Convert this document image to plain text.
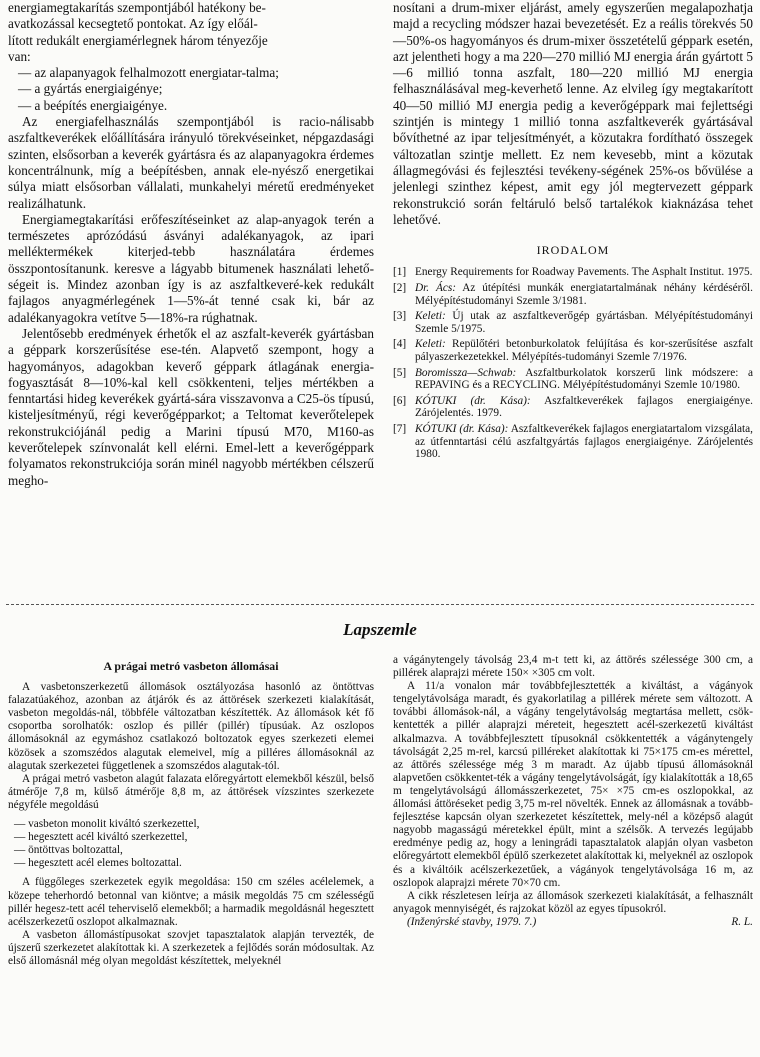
energiamegtakarítás szempontjából hatékony be-
avatkozással kecsegtető pontokat. Az így előál-
lított redukált energiamérlegnek három tényezője
van:

— az alapanyagok felhalmozott energiatar-talma;
— a gyártás energiaigénye;
— a beépítés energiaigénye.

Az energiafelhasználás szempontjából is racio-nálisabb aszfaltkeverékek előállítására irányuló törekvéseinket, népgazdasági szinten, elsősorban a keverék gyártásra és az alapanyagokra érdemes koncentrálnunk, míg a beépítésben, annak ele-nyésző energetikai súlya miatt elsősorban vállalati, munkahelyi méretű eredményeket realizálhatunk.

Energiamegtakarítási erőfeszítéseinket az alap-anyagok terén a természetes aprózódású ásványi adalékanyagok, az ipari melléktermékek kiterjed-tebb használatára érdemes összpontosítanunk. keresve a lágyabb bitumenek használati lehető-ségeit is. Mindez azonban így is az aszfaltkeveré-kek redukált fajlagos anyagmérlegének 1—5%-át tenné csak ki, bár az adalékanyagokra vetítve 5—18%-ra rúghatnak.

Jelentősebb eredmények érhetők el az aszfalt-keverék gyártásban a géppark korszerűsítése ese-tén. Alapvető szempont, hogy a hagyományos, adagokban keverő géppark átlagának energia-fogyasztását 8—10%-kal kell csökkenteni, teljes mértékben a fenntartási hideg keverékek gyártá-sára visszavonva a C25-ös típusú, kisteljesítményű, régi keverőgépparkot; a Teltomat keverőtelepek rekonstrukciójánál pedig a Marini típusú M70, M160-as keverőtelepek színvonalát kell elérni. Emel-lett a keverőgéppark folyamatos rekonstrukciója során minél nagyobb mértékben célszerű megho-

nosítani a drum-mixer eljárást, amely egyszerűen megalapozhatja majd a recycling módszer hazai bevezetését. Ez a reális törekvés 50—50%-os hagyományos és drum-mixer összetételű géppark esetén, azt jelentheti hogy a ma 220—270 millió MJ energia árán gyártott 5—6 millió tonna aszfalt, 180—220 millió MJ energia felhasználásával meg-keverhető lenne. Az elvileg így megtakarított 40—50 millió MJ energia pedig a keverőgéppark mai fejlettségi szintjén is mintegy 1 millió tonna aszfaltkeverék gyártásával bővíthetné az ipar teljesítményét, a közutakra fordítható összegek változatlan szintje mellett. Ez nem kevesebb, mint a közutak állagmegóvási és fejlesztési tevékeny-ségének 25%-os bővülése a jelenlegi szinthez képest, amit egy jól megtervezett géppark rekonstrukció során feltáruló belső tartalékok kiaknázása tehet lehetővé.

IRODALOM
[1] Energy Requirements for Roadway Pavements. The Asphalt Institut. 1975.
[2] Dr. Ács: Az útépítési munkák energiatartalmának néhány kérdéséről. Mélyépítéstudományi Szemle 3/1981.
[3] Keleti: Új utak az aszfaltkeverőgép gyártásban. Mélyépítéstudományi Szemle 5/1975.
[4] Keleti: Repülőtéri betonburkolatok felújítása és kor-szerűsítése aszfalt pályaszerkezetekkel. Mélyépítés-tudományi Szemle 7/1976.
[5] Boromissza—Schwab: Aszfaltburkolatok korszerű link módszere: a REPAVING és a RECYCLING. Mélyépítéstudományi Szemle 10/1980.
[6] KÓTUKI (dr. Kása): Aszfaltkeverékek fajlagos energiaigénye. Zárójelentés. 1979.
[7] KÓTUKI (dr. Kása): Aszfaltkeverékek fajlagos energiatartalom vizsgálata, az útfenntartási célú aszfaltgyártás fajlagos energiaigénye. Zárójelentés 1980.
Lapszemle
A prágai metró vasbeton állomásai

A vasbetonszerkezetű állomások osztályozása hasonló az öntöttvas falazatúakéhoz, azonban az átjárók és az áttörések szerkezeti kialakítását, vasbeton megoldás-nál, többféle változatban készítették. Az állomások két fő csoportba sorolhatók: oszlop és pillér (pillér) típusúak. Az oszlopos állomásoknál az egymáshoz csatlakozó boltozatok egyes szerkezeti elemei közösek a szomszédos alagutak elemeivel, míg a pilléres állomásoknál az alagutak szerkezetei függetlenek a szomszédos alagutak-tól.

A prágai metró vasbeton alagút falazata előregyártott elemekből készül, belső átmérője 7,8 m, külső átmérője 8,8 m, az áttörések vízszintes szerkezete négyféle megoldású

— vasbeton monolit kiváltó szerkezettel,
— hegesztett acél kiváltó szerkezettel,
— öntöttvas boltozattal,
— hegesztett acél elemes boltozattal.

A függőleges szerkezetek egyik megoldása: 150 cm széles acélelemek, a közepe teherhordó betonnal van kiöntve; a másik megoldás 75 cm szélességű pillér hegesz-tett acél teherviselő elemekből; a harmadik megoldásnál hegesztett acélszerkezetű oszlopot alkalmaznak.

A vasbeton állomástípusokat szovjet tapasztalatok alapján tervezték, de újszerű szerkezetet alakítottak ki. A szerkezetek a fejlődés során módosultak. Az első állomásnál még olyan megoldást készítettek, melyeknél

a vágánytengely távolság 23,4 m-t tett ki, az áttörés szélessége 300 cm, a pillérek alaprajzi mérete 150× ×305 cm volt.

A 11/a vonalon már továbbfejlesztették a kiváltást, a vágányok tengelytávolsága maradt, és gyakorlatilag a pillérek mérete sem változott. A további állomások-nál, a vágány tengelytávolság megtartása mellett, csök-kentették a pillér alaprajzi méreteit, hegesztett acél-szerkezetű kiváltást alkalmazva. A továbbfejlesztett típusoknál csökkentették a vágánytengely távolságát 2,25 m-rel, karcsú pilléreket alakítottak ki 75×175 cm-es mérettel, az áttörés szélessége még 3 m maradt. Az újabb típusú állomásoknál alapvetően csökkentet-ték a vágány tengelytávolságát, így kialakították a 18,65 m tengelytávolságú állomásszerkezetet, 75× ×75 cm-es oszlopokkal, az állomási áttöréseket pedig 3,75 m-rel növelték. Ennek az állomásnak a tovább-fejlesztése kapcsán olyan szerkezetet készítettek, mely-nél a középső alagút nagyobb magasságú méretekkel épült, mint a szélsők. A tervezés legújabb eredménye pedig az, hogy a leningrádi tapasztalatok alapján olyan vasbeton előregyártott elemekből épülő szerkezetet alakítottak ki, melyeknél az oszlopok és a kiváltóik acélszerkezetűek, a vágányok tengelytávolsága 16 m, az oszlopok alaprajzi mérete 70×70 cm.

A cikk részletesen leírja az állomások szerkezeti kialakítását, a felhasznált anyagok mennyiségét, és rajzokat közöl az egyes típusokról.

(Inženýrské stavby, 1979. 7.)	R. L.
